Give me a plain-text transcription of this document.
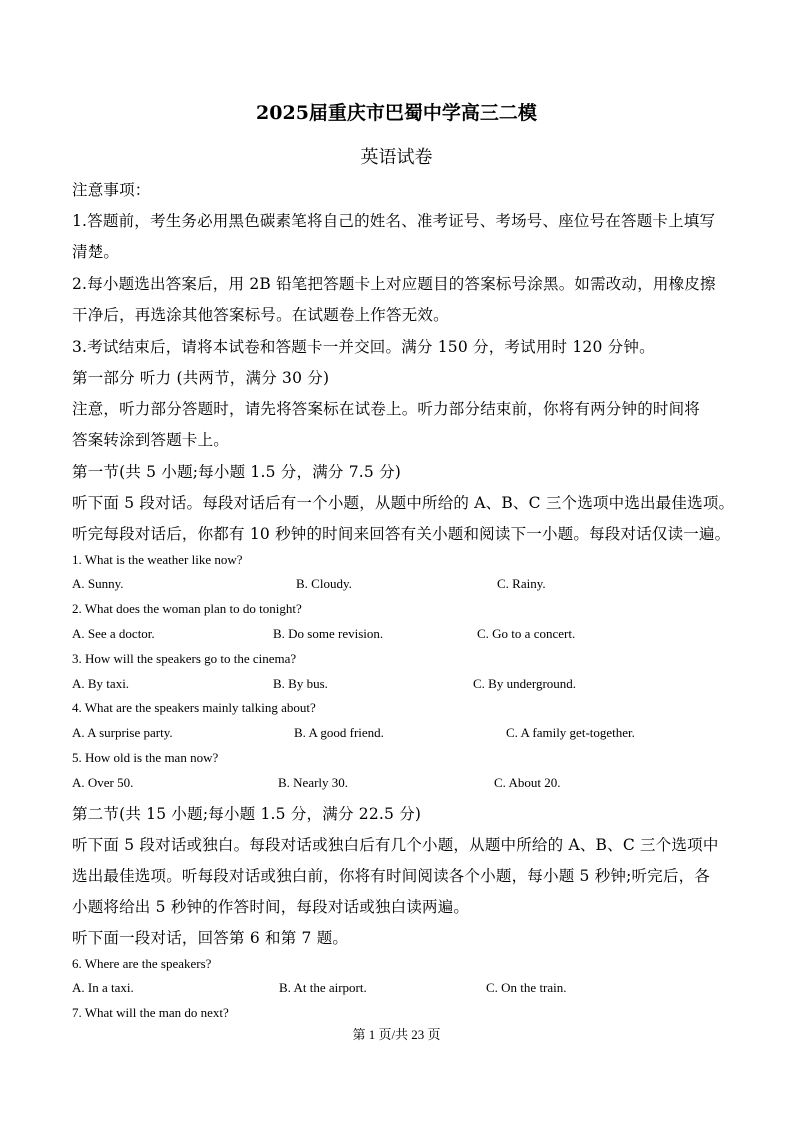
2025届重庆市巴蜀中学高三二模
英语试卷
注意事项：
1.答题前，考生务必用黑色碳素笔将自己的姓名、准考证号、考场号、座位号在答题卡上填写
清楚。
2.每小题选出答案后，用 2B 铅笔把答题卡上对应题目的答案标号涂黑。如需改动，用橡皮擦
干净后，再选涂其他答案标号。在试题卷上作答无效。
3.考试结束后，请将本试卷和答题卡一并交回。满分 150 分，考试用时 120 分钟。
第一部分 听力 (共两节，满分 30 分)
注意，听力部分答题时，请先将答案标在试卷上。听力部分结束前，你将有两分钟的时间将
答案转涂到答题卡上。
第一节(共 5 小题;每小题 1.5 分，满分 7.5 分)
听下面 5 段对话。每段对话后有一个小题，从题中所给的 A、B、C 三个选项中选出最佳选项。
听完每段对话后，你都有 10 秒钟的时间来回答有关小题和阅读下一小题。每段对话仅读一遍。
1. What is the weather like now?
A. Sunny.	B. Cloudy.	C. Rainy.
2. What does the woman plan to do tonight?
A. See a doctor.	B. Do some revision.	C. Go to a concert.
3. How will the speakers go to the cinema?
A. By taxi.	B. By bus.	C. By underground.
4. What are the speakers mainly talking about?
A. A surprise party.	B. A good friend.	C. A family get-together.
5. How old is the man now?
A. Over 50.	B. Nearly 30.	C. About 20.
第二节(共 15 小题;每小题 1.5 分，满分 22.5 分)
听下面 5 段对话或独白。每段对话或独白后有几个小题，从题中所给的 A、B、C 三个选项中
选出最佳选项。听每段对话或独白前，你将有时间阅读各个小题，每小题 5 秒钟;听完后，各
小题将给出 5 秒钟的作答时间，每段对话或独白读两遍。
听下面一段对话，回答第 6 和第 7 题。
6. Where are the speakers?
A. In a taxi.	B. At the airport.	C. On the train.
7. What will the man do next?
第 1 页/共 23 页
